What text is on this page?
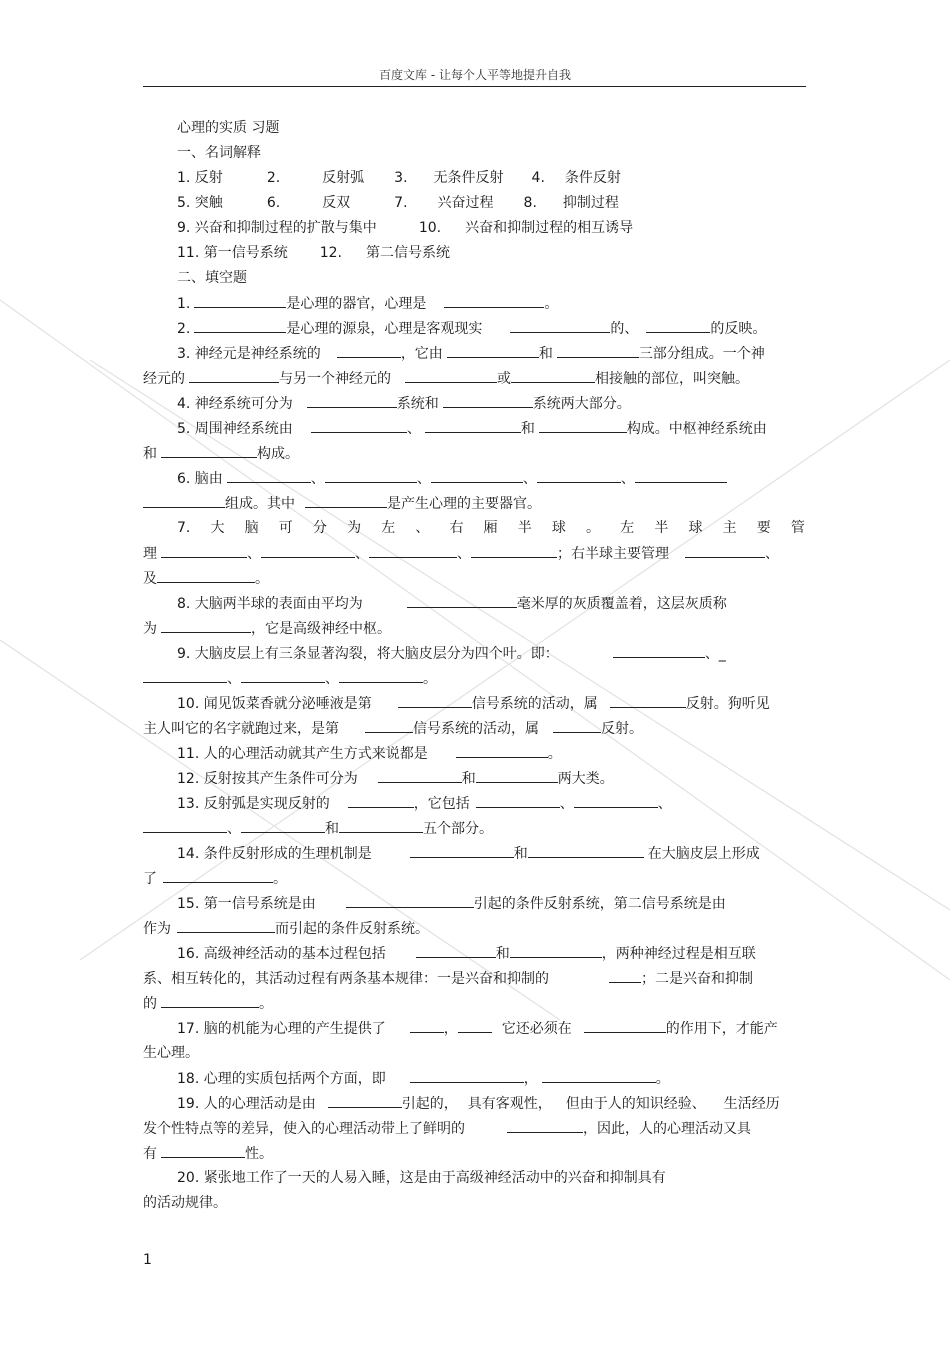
百度文库 - 让每个人平等地提升自我
心理的实质 习题
一、名词解释
1. 反射	2.	反射弧 3. 无条件反射 4. 条件反射
5. 突触	6.	反双	7. 兴奋过程 8. 抑制过程
9. 兴奋和抑制过程的扩散与集中	10. 兴奋和抑制过程的相互诱导
11. 第一信号系统 12. 第二信号系统
二、填空题
1.	是心理的器官，心理是	。
2.	是心理的源泉，心理是客观现实	的、	的反映。
3. 神经元是神经系统的	，它由	和	三部分组成。一个神
经元的	与另一个神经元的	或	相接触的部位，叫突触。
4. 神经系统可分为	系统和	系统两大部分。
5. 周围神经系统由	、	和	构成。中枢神经系统由
和	构成。
6. 脑由	、	、	、	、
组成。其中	是产生心理的主要器官。
7. 大 脑 可 分 为 左 、 右 厢 半 球 。 左 半 球 主 要 管
理	、	、	、	；右半球主要管理	、
及	。
8. 大脑两半球的表面由平均为	毫米厚的灰质覆盖着，这层灰质称
为	，它是高级神经中枢。
9. 大脑皮层上有三条显著沟裂，将大脑皮层分为四个叶。即：	、_
、	、	。
10. 闻见饭菜香就分泌唾液是第	信号系统的活动，属	反射。狗听见
主人叫它的名字就跑过来，是第	信号系统的活动，属	反射。
11. 人的心理活动就其产生方式来说都是	。
12. 反射按其产生条件可分为	和	两大类。
13. 反射弧是实现反射的	，它包括	、	、
、	和	五个部分。
14. 条件反射形成的生理机制是	和	在大脑皮层上形成
了	。
15. 第一信号系统是由	引起的条件反射系统，第二信号系统是由
作为	而引起的条件反射系统。
16. 高级神经活动的基本过程包括	和	，两种神经过程是相互联
系、相互转化的，其活动过程有两条基本规律：一是兴奋和抑制的	；二是兴奋和抑制
的	。
17. 脑的机能为心理的产生提供了	，	它还必须在	的作用下，才能产
生心理。
18. 心理的实质包括两个方面，即	，	。
19. 人的心理活动是由	引起的， 具有客观性， 但由于人的知识经验、 生活经历
发个性特点等的差异，使入的心理活动带上了鲜明的	，因此，人的心理活动又具
有	性。
20. 紧张地工作了一天的人易入睡，这是由于高级神经活动中的兴奋和抑制具有
的活动规律。
1
